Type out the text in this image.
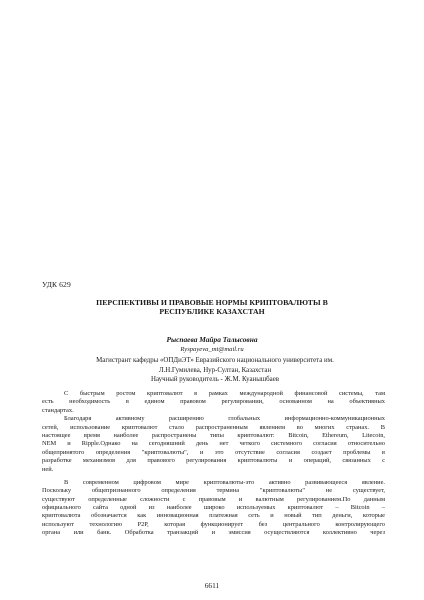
УДК 629
ПЕРСПЕКТИВЫ И ПРАВОВЫЕ НОРМЫ КРИПТОВАЛЮТЫ В
РЕСПУБЛИКЕ КАЗАХСТАН
Рыспаева Майра Талысовна
Ryspayeva_mt@mail.ru
Магистрант кафедры «ОПДиЭТ» Евразийского национального университета им.
Л.Н.Гумилева, Нур-Султан, Казахстан
Научный руководитель - Ж.М. Куанышбаев

С быстрым ростом криптовалют в рамках международной финансовой системы, там
есть необходимость в едином правовом регулировании, основанном на объективных
стандартах.

Благодаря активному расширению глобальных информационно-коммуникационных
сетей, использование криптовалют стало распространенным явлением во многих странах. В
настоящее время наиболее распространены типы криптовалют: Bitcoin, Ethereum, Litecoin,
NEM и Ripple.Однако на сегодняшний день нет четкого системного согласия относительно
общепринятого определения "криптовалюты", и это отсутствие согласия создает проблемы в
разработке механизмов для правового регулирования криптовалюты и операций, связанных с
ней.

В современном цифровом мире криптовалюты-это активно развивающееся явление.
Поскольку общепризнанного определения термина "криптовалюты" не существует,
существуют определенные сложности с правовым и валютным регулированием.По данным
официального сайта одной из наиболее широко используемых криптовалют – Bitcoin –
криптовалюта обозначается как инновационная платежная сеть и новый тип деньги, которые
используют технологию P2P, которая функционирует без центрального контролирующего
органа или банк. Обработка транзакций и эмиссия осуществляются коллективно через

6611
